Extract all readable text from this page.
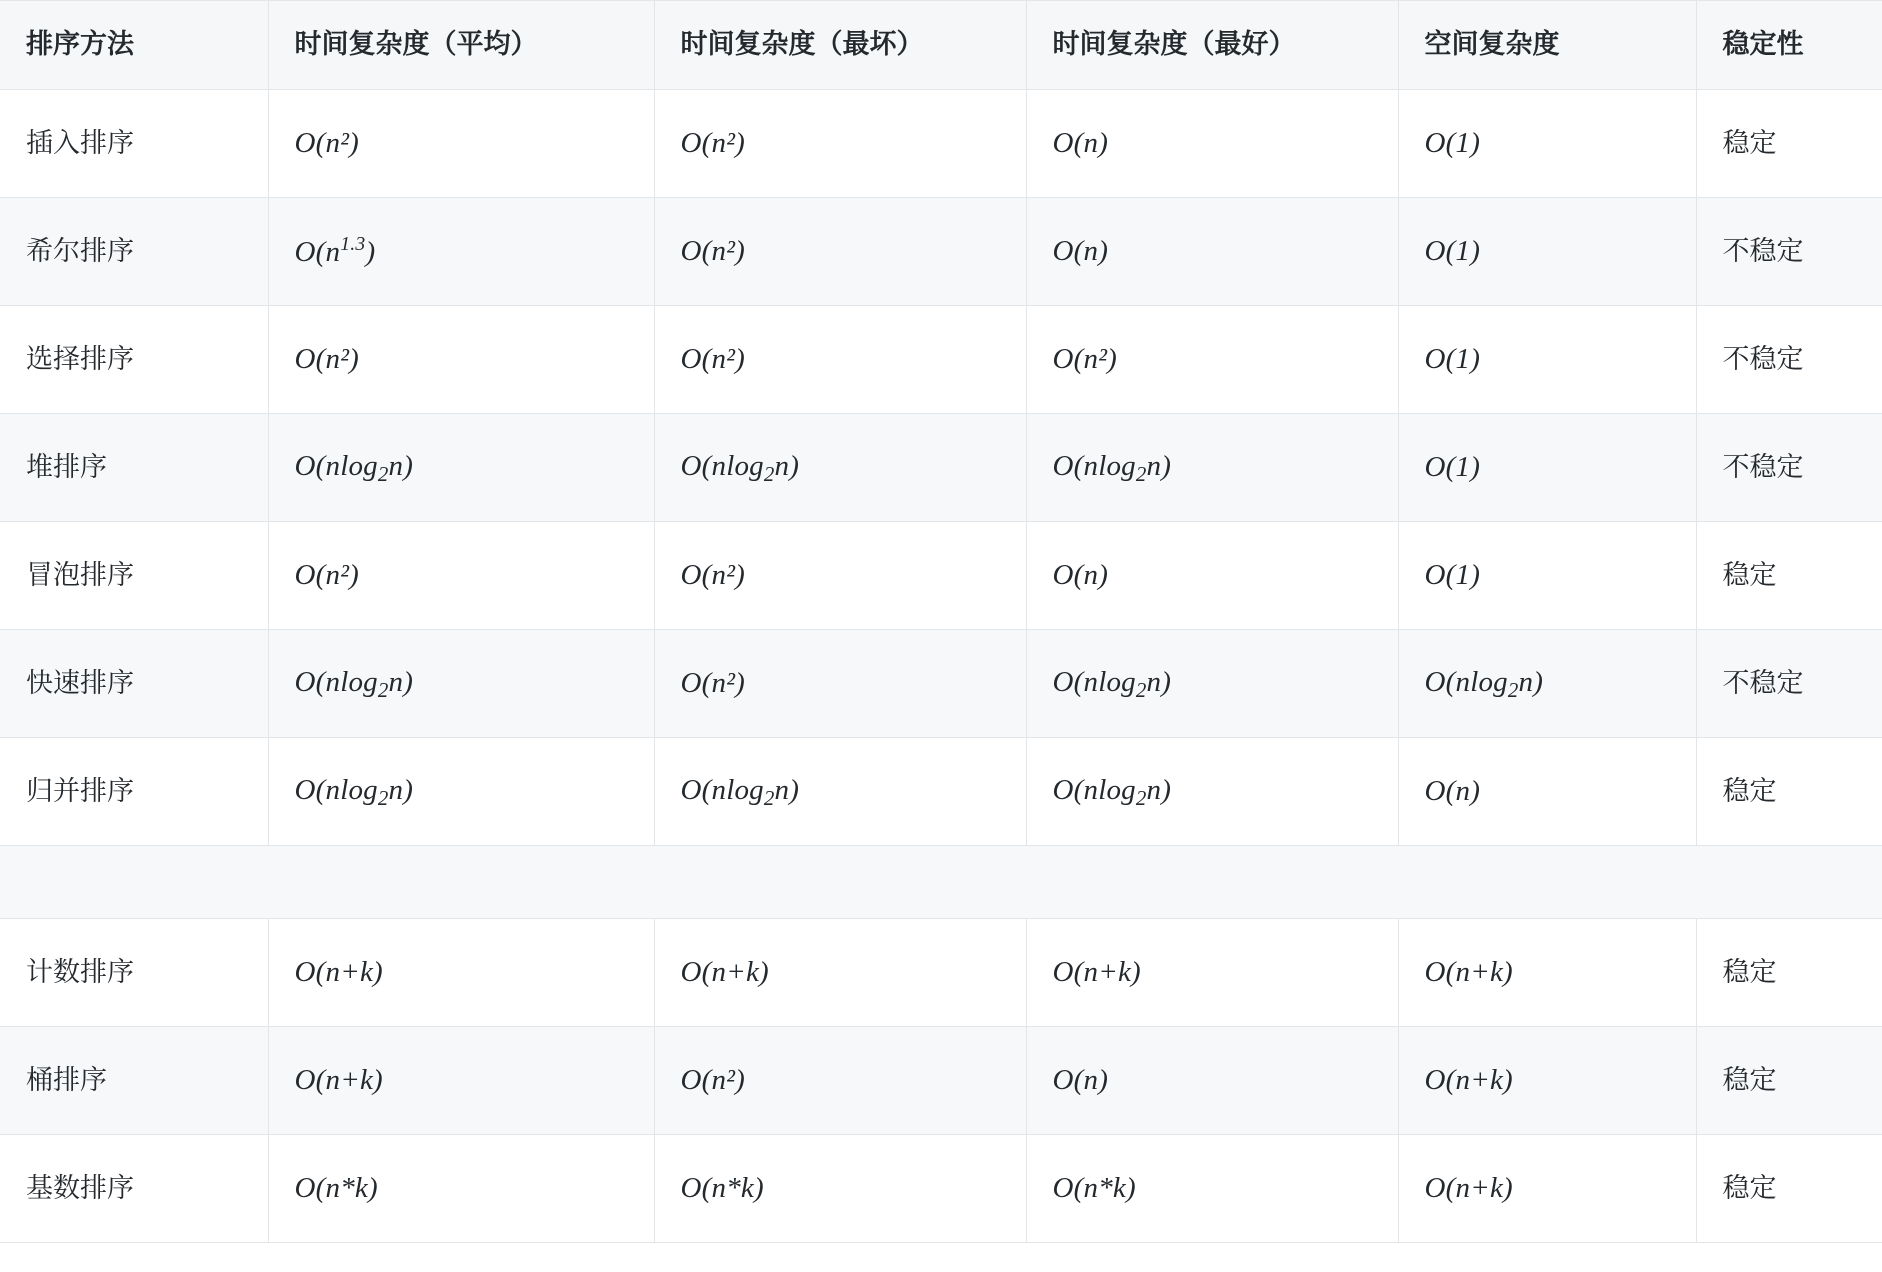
排序方法	时间复杂度（平均）	时间复杂度（最坏）	时间复杂度（最好）	空间复杂度	稳定性
插入排序	O(n²)	O(n²)	O(n)	O(1)	稳定
希尔排序	$O(n^{1.3})$	O(n²)	O(n)	O(1)	不稳定
选择排序	O(n²)	O(n²)	O(n²)	O(1)	不稳定
堆排序	O(nlog$_2$n)	O(nlog$_2$n)	O(nlog$_2$n)	O(1)	不稳定
冒泡排序	O(n²)	O(n²)	O(n)	O(1)	稳定
快速排序	O(nlog$_2$n)	O(n²)	O(nlog$_2$n)	O(nlog$_2$n)	不稳定
归并排序	O(nlog$_2$n)	O(nlog$_2$n)	O(nlog$_2$n)	O(n)	稳定

计数排序	O(n+k)	O(n+k)	O(n+k)	O(n+k)	稳定
桶排序	O(n+k)	O(n²)	O(n)	O(n+k)	稳定
基数排序	O(n*k)	O(n*k)	O(n*k)	O(n+k)	稳定
